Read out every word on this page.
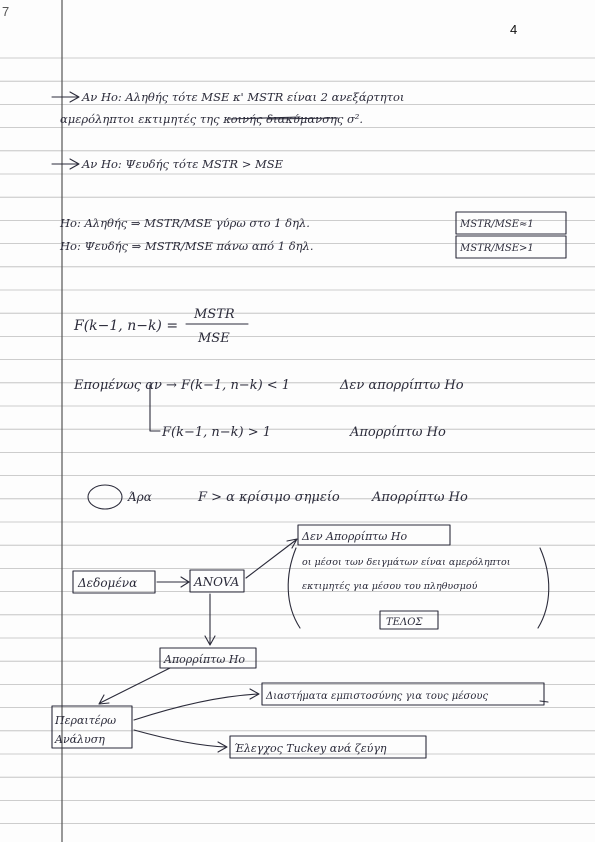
7
4
Αν Ηο: Αληθής τότε MSE κ' MSTR είναι 2 ανεξάρτητοι
αμερόληπτοι εκτιμητές της κοινής διακύμανσης σ².
Αν Ηο: Ψευδής τότε MSTR > MSE
Ho: Αληθής ⇒ MSTR/MSE γύρω στο 1 δηλ.	MSTR/MSE≈1
Ho: Ψευδής ⇒ MSTR/MSE πάνω από 1 δηλ.	MSTR/MSE>1
F(k−1, n−k) =
MSTR
MSE
Επομένως αν → F(k−1, n−k) < 1	Δεν απορρίπτω Ho
F(k−1, n−k) > 1	Απορρίπτω Ho
Άρα	F > α κρίσιμο σημείο Απορρίπτω Ho
Δεδομένα	ANOVA
Δεν Απορρίπτω Ho
οι μέσοι των δειγμάτων είναι αμερόληπτοι
εκτιμητές για μέσου του πληθυσμού
ΤΕΛΟΣ
Απορρίπτω Ho
Περαιτέρω
Ανάλυση
Διαστήματα εμπιστοσύνης για τους μέσους
Έλεγχος Tuckey ανά ζεύγη
